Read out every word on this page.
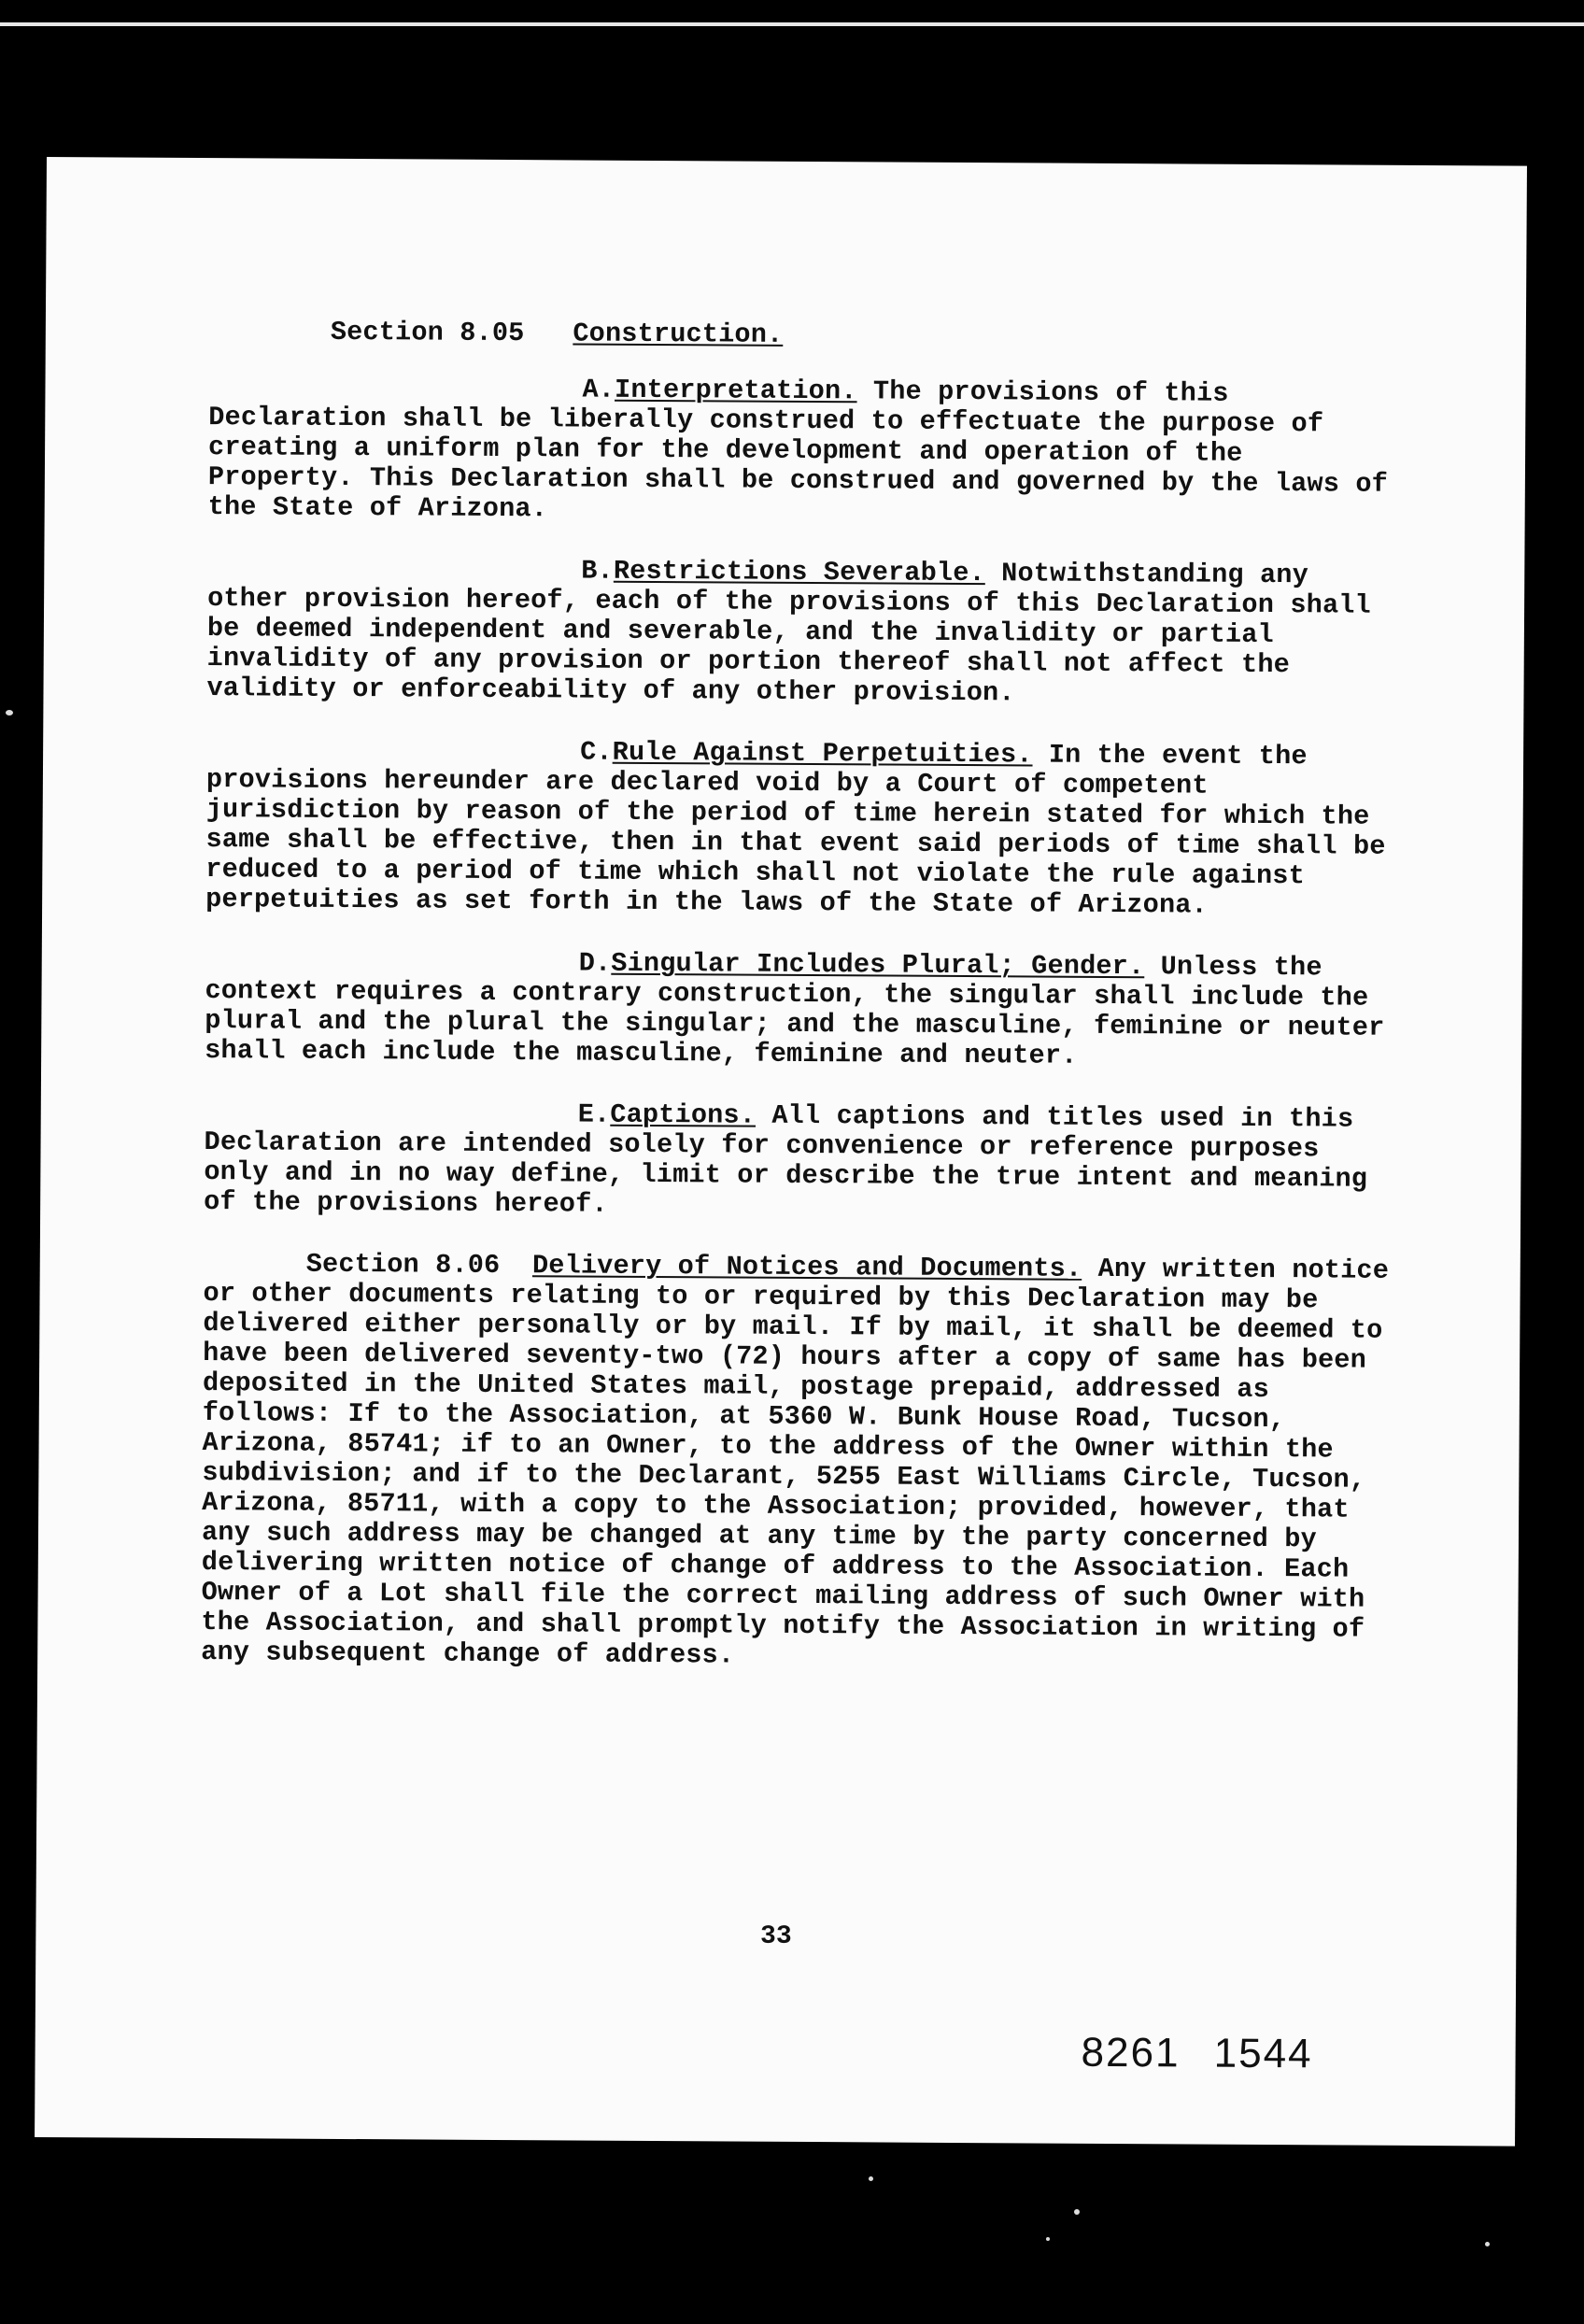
Section 8.05 Construction.

A.Interpretation. The provisions of this Declaration shall be liberally construed to effectuate the purpose of creating a uniform plan for the development and operation of the Property. This Declaration shall be construed and governed by the laws of the State of Arizona.

B.Restrictions Severable. Notwithstanding any other provision hereof, each of the provisions of this Declaration shall be deemed independent and severable, and the invalidity or partial invalidity of any provision or portion thereof shall not affect the validity or enforceability of any other provision.

C.Rule Against Perpetuities. In the event the provisions hereunder are declared void by a Court of competent jurisdiction by reason of the period of time herein stated for which the same shall be effective, then in that event said periods of time shall be reduced to a period of time which shall not violate the rule against perpetuities as set forth in the laws of the State of Arizona.

D.Singular Includes Plural; Gender. Unless the context requires a contrary construction, the singular shall include the plural and the plural the singular; and the masculine, feminine or neuter shall each include the masculine, feminine and neuter.

E.Captions. All captions and titles used in this Declaration are intended solely for convenience or reference purposes only and in no way define, limit or describe the true intent and meaning of the provisions hereof.

Section 8.06 Delivery of Notices and Documents. Any written notice or other documents relating to or required by this Declaration may be delivered either personally or by mail. If by mail, it shall be deemed to have been delivered seventy-two (72) hours after a copy of same has been deposited in the United States mail, postage prepaid, addressed as follows: If to the Association, at 5360 W. Bunk House Road, Tucson, Arizona, 85741; if to an Owner, to the address of the Owner within the subdivision; and if to the Declarant, 5255 East Williams Circle, Tucson, Arizona, 85711, with a copy to the Association; provided, however, that any such address may be changed at any time by the party concerned by delivering written notice of change of address to the Association. Each Owner of a Lot shall file the correct mailing address of such Owner with the Association, and shall promptly notify the Association in writing of any subsequent change of address.

33
8261 1544
